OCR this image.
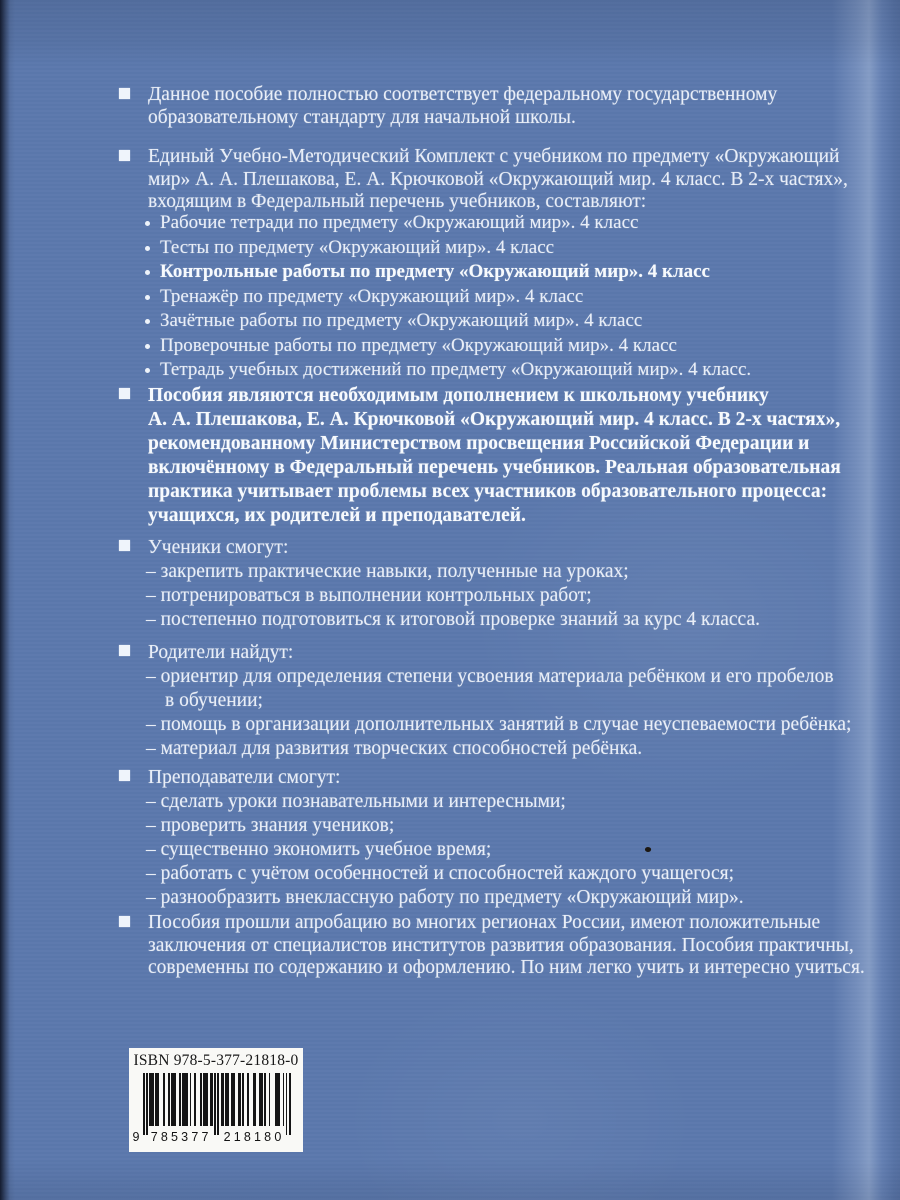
Данное пособие полностью соответствует федеральному государственному
образовательному стандарту для начальной школы.
Единый Учебно-Методический Комплект с учебником по предмету «Окружающий
мир» А. А. Плешакова, Е. А. Крючковой «Окружающий мир. 4 класс. В 2-х частях»,
входящим в Федеральный перечень учебников, составляют:
Рабочие тетради по предмету «Окружающий мир». 4 класс
Тесты по предмету «Окружающий мир». 4 класс
Контрольные работы по предмету «Окружающий мир». 4 класс
Тренажёр по предмету «Окружающий мир». 4 класс
Зачётные работы по предмету «Окружающий мир». 4 класс
Проверочные работы по предмету «Окружающий мир». 4 класс
Тетрадь учебных достижений по предмету «Окружающий мир». 4 класс.
Пособия являются необходимым дополнением к школьному учебнику
А. А. Плешакова, Е. А. Крючковой «Окружающий мир. 4 класс. В 2-х частях»,
рекомендованному Министерством просвещения Российской Федерации и
включённому в Федеральный перечень учебников. Реальная образовательная
практика учитывает проблемы всех участников образовательного процесса:
учащихся, их родителей и преподавателей.
Ученики смогут:
– закрепить практические навыки, полученные на уроках;
– потренироваться в выполнении контрольных работ;
– постепенно подготовиться к итоговой проверке знаний за курс 4 класса.
Родители найдут:
– ориентир для определения степени усвоения материала ребёнком и его пробелов
в обучении;
– помощь в организации дополнительных занятий в случае неуспеваемости ребёнка;
– материал для развития творческих способностей ребёнка.
Преподаватели смогут:
– сделать уроки познавательными и интересными;
– проверить знания учеников;
– существенно экономить учебное время;
– работать с учётом особенностей и способностей каждого учащегося;
– разнообразить внеклассную работу по предмету «Окружающий мир».
Пособия прошли апробацию во многих регионах России, имеют положительные
заключения от специалистов институтов развития образования. Пособия практичны,
современны по содержанию и оформлению. По ним легко учить и интересно учиться.
ISBN 978-5-377-21818-0
9 785377 218180
